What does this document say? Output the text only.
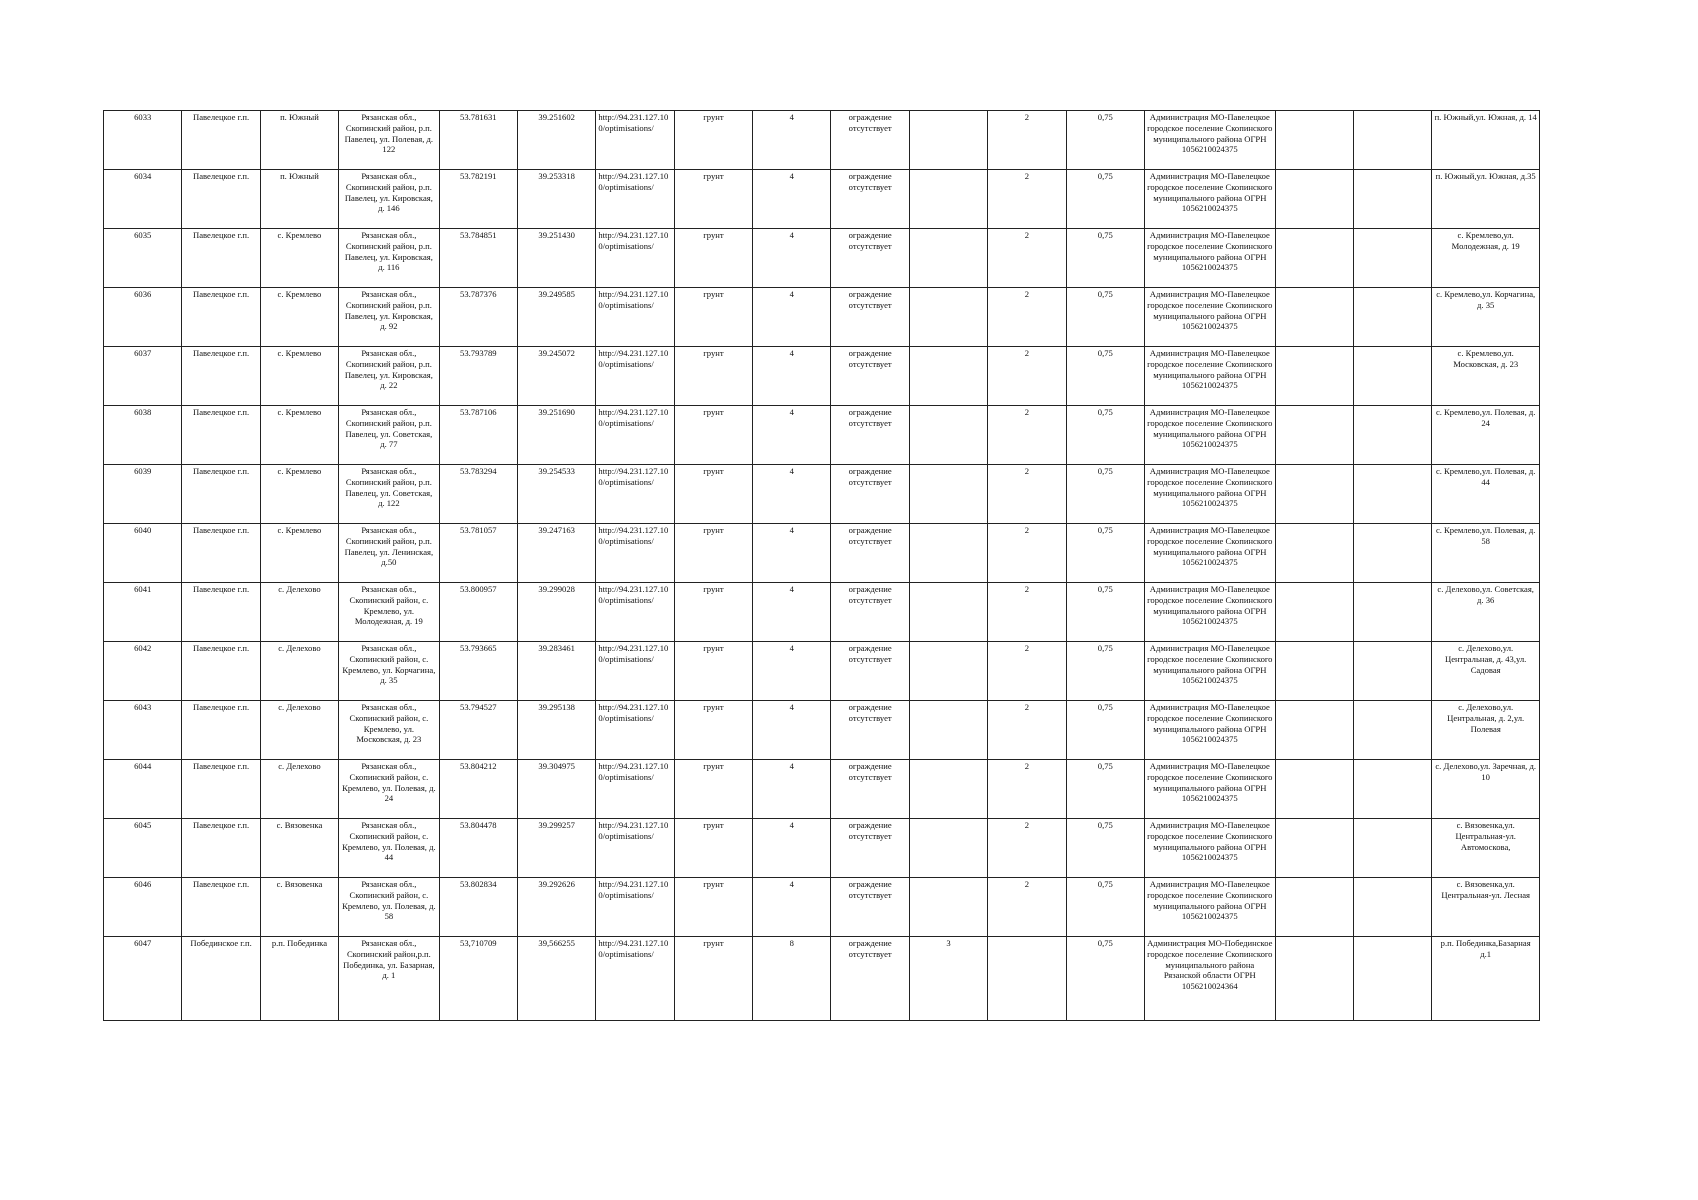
6033	Павелецкое г.п.	п. Южный	Рязанская обл., Скопинский район, р.п. Павелец, ул. Полевая, д. 122	53.781631	39.251602	http://94.231.127.100/optimisations/	грунт	4	ограждение отсутствует		2	0,75	Администрация МО-Павелецкое городское поселение Скопинского муниципального района ОГРН 1056210024375			п. Южный,ул. Южная, д. 14
6034	Павелецкое г.п.	п. Южный	Рязанская обл., Скопинский район, р.п. Павелец, ул. Кировская, д. 146	53.782191	39.253318	http://94.231.127.100/optimisations/	грунт	4	ограждение отсутствует		2	0,75	Администрация МО-Павелецкое городское поселение Скопинского муниципального района ОГРН 1056210024375			п. Южный,ул. Южная, д.35
6035	Павелецкое г.п.	с. Кремлево	Рязанская обл., Скопинский район, р.п. Павелец, ул. Кировская, д. 116	53.784851	39.251430	http://94.231.127.100/optimisations/	грунт	4	ограждение отсутствует		2	0,75	Администрация МО-Павелецкое городское поселение Скопинского муниципального района ОГРН 1056210024375			с. Кремлево,ул. Молодежная, д. 19
6036	Павелецкое г.п.	с. Кремлево	Рязанская обл., Скопинский район, р.п. Павелец, ул. Кировская, д. 92	53.787376	39.249585	http://94.231.127.100/optimisations/	грунт	4	ограждение отсутствует		2	0,75	Администрация МО-Павелецкое городское поселение Скопинского муниципального района ОГРН 1056210024375			с. Кремлево,ул. Корчагина, д. 35
6037	Павелецкое г.п.	с. Кремлево	Рязанская обл., Скопинский район, р.п. Павелец, ул. Кировская, д. 22	53.793789	39.245072	http://94.231.127.100/optimisations/	грунт	4	ограждение отсутствует		2	0,75	Администрация МО-Павелецкое городское поселение Скопинского муниципального района ОГРН 1056210024375			с. Кремлево,ул. Московская, д. 23
6038	Павелецкое г.п.	с. Кремлево	Рязанская обл., Скопинский район, р.п. Павелец, ул. Советская, д. 77	53.787106	39.251690	http://94.231.127.100/optimisations/	грунт	4	ограждение отсутствует		2	0,75	Администрация МО-Павелецкое городское поселение Скопинского муниципального района ОГРН 1056210024375			с. Кремлево,ул. Полевая, д. 24
6039	Павелецкое г.п.	с. Кремлево	Рязанская обл., Скопинский район, р.п. Павелец, ул. Советская, д. 122	53.783294	39.254533	http://94.231.127.100/optimisations/	грунт	4	ограждение отсутствует		2	0,75	Администрация МО-Павелецкое городское поселение Скопинского муниципального района ОГРН 1056210024375			с. Кремлево,ул. Полевая, д. 44
6040	Павелецкое г.п.	с. Кремлево	Рязанская обл., Скопинский район, р.п. Павелец, ул. Ленинская, д.50	53.781057	39.247163	http://94.231.127.100/optimisations/	грунт	4	ограждение отсутствует		2	0,75	Администрация МО-Павелецкое городское поселение Скопинского муниципального района ОГРН 1056210024375			с. Кремлево,ул. Полевая, д. 58
6041	Павелецкое г.п.	с. Делехово	Рязанская обл., Скопинский район, с. Кремлево, ул. Молодежная, д. 19	53.800957	39.299028	http://94.231.127.100/optimisations/	грунт	4	ограждение отсутствует		2	0,75	Администрация МО-Павелецкое городское поселение Скопинского муниципального района ОГРН 1056210024375			с. Делехово,ул. Советская, д. 36
6042	Павелецкое г.п.	с. Делехово	Рязанская обл., Скопинский район, с. Кремлево, ул. Корчагина, д. 35	53.793665	39.283461	http://94.231.127.100/optimisations/	грунт	4	ограждение отсутствует		2	0,75	Администрация МО-Павелецкое городское поселение Скопинского муниципального района ОГРН 1056210024375			с. Делехово,ул. Центральная, д. 43,ул. Садовая
6043	Павелецкое г.п.	с. Делехово	Рязанская обл., Скопинский район, с. Кремлево, ул. Московская, д. 23	53.794527	39.295138	http://94.231.127.100/optimisations/	грунт	4	ограждение отсутствует		2	0,75	Администрация МО-Павелецкое городское поселение Скопинского муниципального района ОГРН 1056210024375			с. Делехово,ул. Центральная, д. 2,ул. Полевая
6044	Павелецкое г.п.	с. Делехово	Рязанская обл., Скопинский район, с. Кремлево, ул. Полевая, д. 24	53.804212	39.304975	http://94.231.127.100/optimisations/	грунт	4	ограждение отсутствует		2	0,75	Администрация МО-Павелецкое городское поселение Скопинского муниципального района ОГРН 1056210024375			с. Делехово,ул. Заречная, д. 10
6045	Павелецкое г.п.	с. Вязовенка	Рязанская обл., Скопинский район, с. Кремлево, ул. Полевая, д. 44	53.804478	39.299257	http://94.231.127.100/optimisations/	грунт	4	ограждение отсутствует		2	0,75	Администрация МО-Павелецкое городское поселение Скопинского муниципального района ОГРН 1056210024375			с. Вязовенка,ул. Центральная-ул. Автомоскова,
6046	Павелецкое г.п.	с. Вязовенка	Рязанская обл., Скопинский район, с. Кремлево, ул. Полевая, д. 58	53.802834	39.292626	http://94.231.127.100/optimisations/	грунт	4	ограждение отсутствует		2	0,75	Администрация МО-Павелецкое городское поселение Скопинского муниципального района ОГРН 1056210024375			с. Вязовенка,ул. Центральная-ул. Лесная
6047	Побединское г.п.	р.п. Побединка	Рязанская обл., Скопинский район,р.п. Побединка, ул. Базарная, д. 1	53,710709	39,566255	http://94.231.127.100/optimisations/	грунт	8	ограждение отсутствует	3		0,75	Администрация МО-Побединское городское поселение Скопинского муниципального района Рязанской области ОГРН 1056210024364			р.п. Побединка,Базарная д.1
